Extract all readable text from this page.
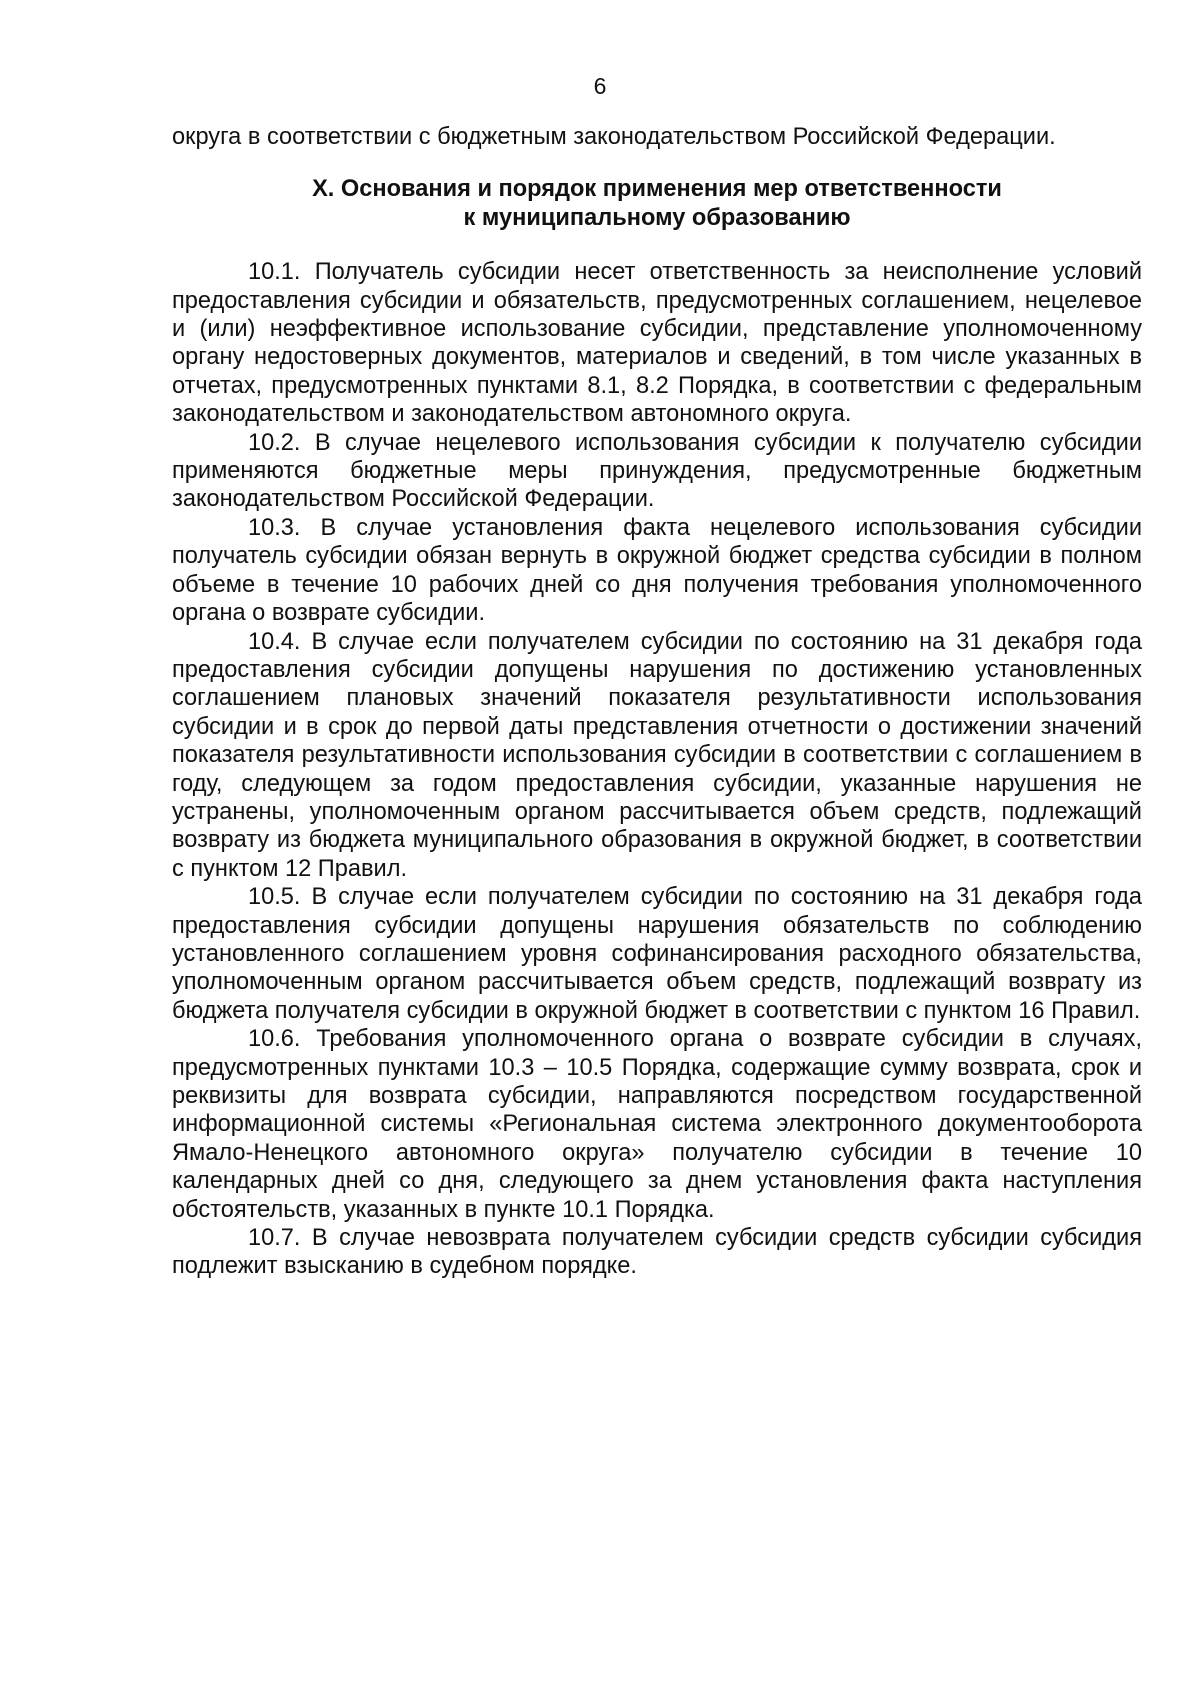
6

округа в соответствии с бюджетным законодательством Российской Федерации.

X. Основания и порядок применения мер ответственности
к муниципальному образованию

10.1. Получатель субсидии несет ответственность за неисполнение условий предоставления субсидии и обязательств, предусмотренных соглашением, нецелевое и (или) неэффективное использование субсидии, представление уполномоченному органу недостоверных документов, материалов и сведений, в том числе указанных в отчетах, предусмотренных пунктами 8.1, 8.2 Порядка, в соответствии с федеральным законодательством и законодательством автономного округа.

10.2. В случае нецелевого использования субсидии к получателю субсидии применяются бюджетные меры принуждения, предусмотренные бюджетным законодательством Российской Федерации.

10.3. В случае установления факта нецелевого использования субсидии получатель субсидии обязан вернуть в окружной бюджет средства субсидии в полном объеме в течение 10 рабочих дней со дня получения требования уполномоченного органа о возврате субсидии.

10.4. В случае если получателем субсидии по состоянию на 31 декабря года предоставления субсидии допущены нарушения по достижению установленных соглашением плановых значений показателя результативности использования субсидии и в срок до первой даты представления отчетности о достижении значений показателя результативности использования субсидии в соответствии с соглашением в году, следующем за годом предоставления субсидии, указанные нарушения не устранены, уполномоченным органом рассчитывается объем средств, подлежащий возврату из бюджета муниципального образования в окружной бюджет, в соответствии с пунктом 12 Правил.

10.5. В случае если получателем субсидии по состоянию на 31 декабря года предоставления субсидии допущены нарушения обязательств по соблюдению установленного соглашением уровня софинансирования расходного обязательства, уполномоченным органом рассчитывается объем средств, подлежащий возврату из бюджета получателя субсидии в окружной бюджет в соответствии с пунктом 16 Правил.

10.6. Требования уполномоченного органа о возврате субсидии в случаях, предусмотренных пунктами 10.3 – 10.5 Порядка, содержащие сумму возврата, срок и реквизиты для возврата субсидии, направляются посредством государственной информационной системы «Региональная система электронного документооборота Ямало-Ненецкого автономного округа» получателю субсидии в течение 10 календарных дней со дня, следующего за днем установления факта наступления обстоятельств, указанных в пункте 10.1 Порядка.

10.7. В случае невозврата получателем субсидии средств субсидии субсидия подлежит взысканию в судебном порядке.
